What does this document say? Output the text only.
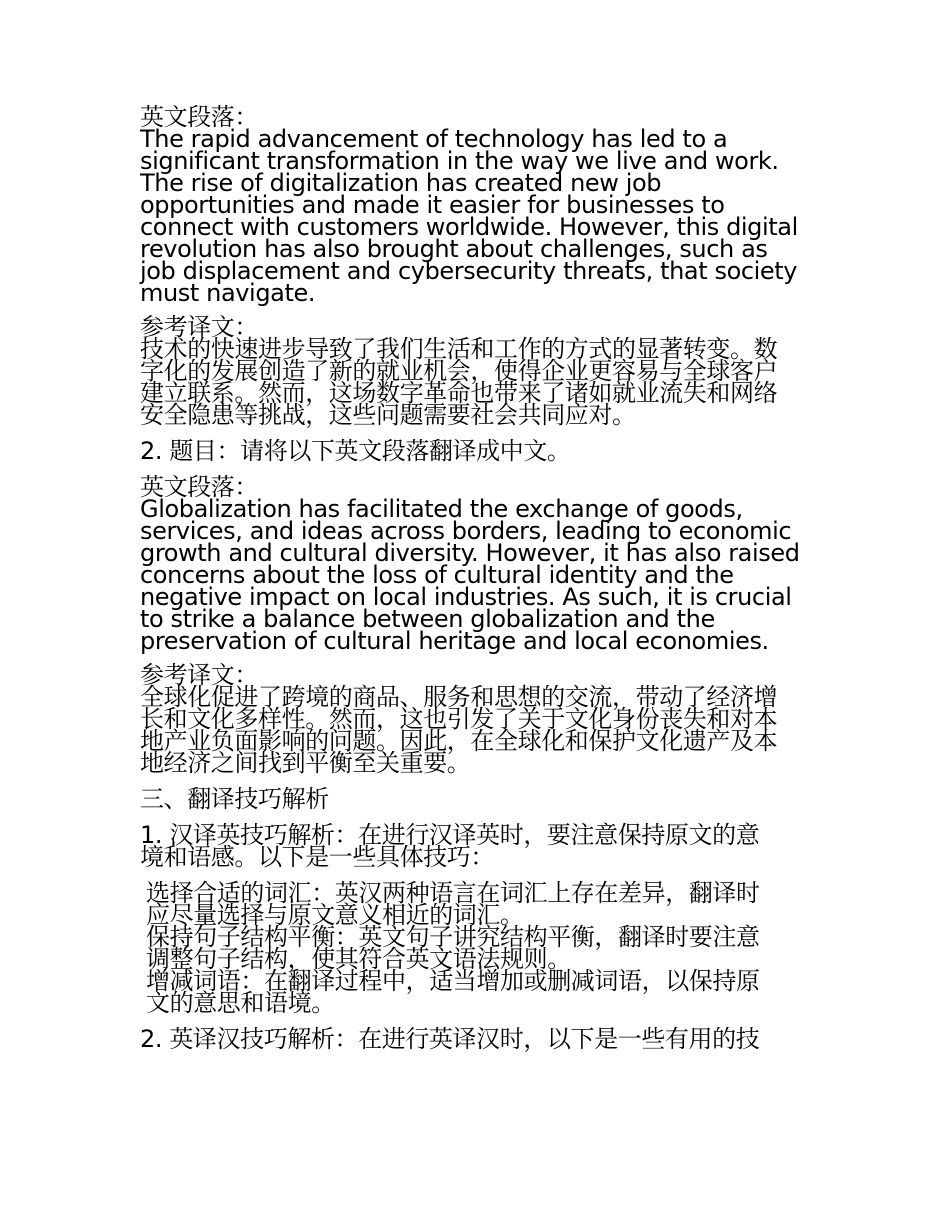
英文段落：
The rapid advancement of technology has led to a
significant transformation in the way we live and work.
The rise of digitalization has created new job
opportunities and made it easier for businesses to
connect with customers worldwide. However, this digital
revolution has also brought about challenges, such as
job displacement and cybersecurity threats, that society
must navigate.
参考译文：
技术的快速进步导致了我们生活和工作的方式的显著转变。数
字化的发展创造了新的就业机会，使得企业更容易与全球客户
建立联系。然而，这场数字革命也带来了诸如就业流失和网络
安全隐患等挑战，这些问题需要社会共同应对。
2. 题目：请将以下英文段落翻译成中文。
英文段落：
Globalization has facilitated the exchange of goods,
services, and ideas across borders, leading to economic
growth and cultural diversity. However, it has also raised
concerns about the loss of cultural identity and the
negative impact on local industries. As such, it is crucial
to strike a balance between globalization and the
preservation of cultural heritage and local economies.
参考译文：
全球化促进了跨境的商品、服务和思想的交流，带动了经济增
长和文化多样性。然而，这也引发了关于文化身份丧失和对本
地产业负面影响的问题。因此，在全球化和保护文化遗产及本
地经济之间找到平衡至关重要。
三、翻译技巧解析
1. 汉译英技巧解析：在进行汉译英时，要注意保持原文的意
境和语感。以下是一些具体技巧：
选择合适的词汇：英汉两种语言在词汇上存在差异，翻译时
应尽量选择与原文意义相近的词汇。
保持句子结构平衡：英文句子讲究结构平衡，翻译时要注意
调整句子结构，使其符合英文语法规则。
增减词语：在翻译过程中，适当增加或删减词语，以保持原
文的意思和语境。
2. 英译汉技巧解析：在进行英译汉时，以下是一些有用的技
